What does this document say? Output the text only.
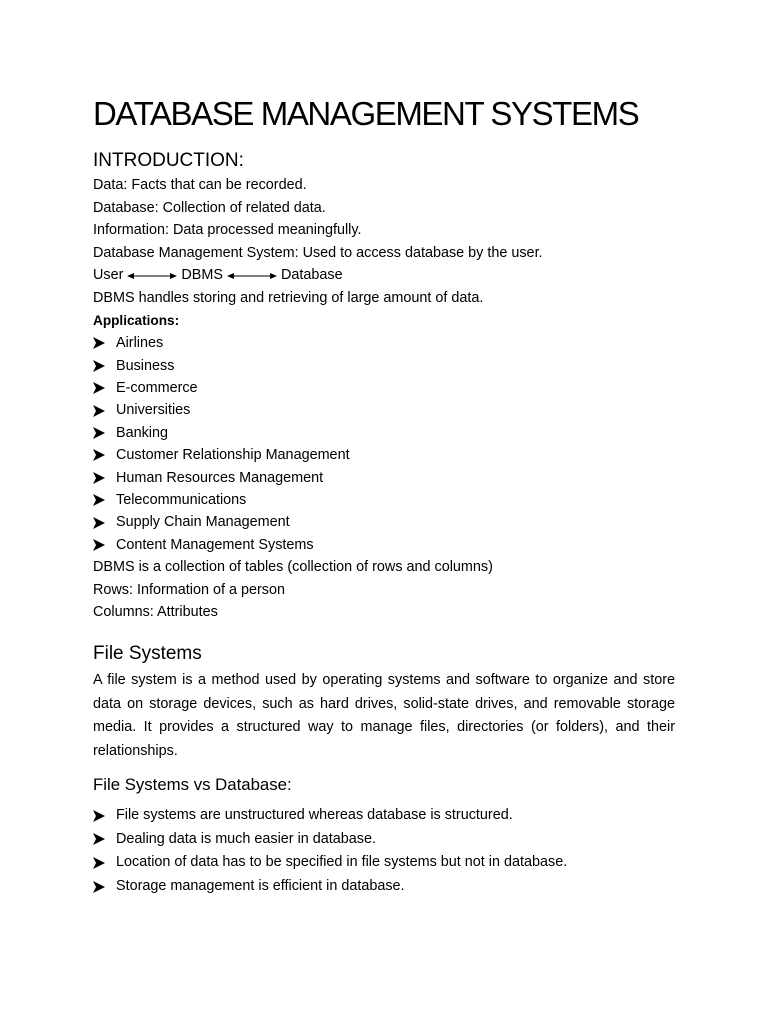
DATABASE MANAGEMENT SYSTEMS
INTRODUCTION:
Data: Facts that can be recorded.
Database: Collection of related data.
Information: Data processed meaningfully.
Database Management System: Used to access database by the user.
User	DBMS	Database
DBMS handles storing and retrieving of large amount of data.
Applications:
Airlines
Business
E-commerce
Universities
Banking
Customer Relationship Management
Human Resources Management
Telecommunications
Supply Chain Management
Content Management Systems
DBMS is a collection of tables (collection of rows and columns)
Rows: Information of a person
Columns: Attributes
File Systems

A file system is a method used by operating systems and software to organize and store data on storage devices, such as hard drives, solid-state drives, and removable storage media. It provides a structured way to manage files, directories (or folders), and their relationships.

File Systems vs Database:
File systems are unstructured whereas database is structured.
Dealing data is much easier in database.
Location of data has to be specified in file systems but not in database.
Storage management is efficient in database.
